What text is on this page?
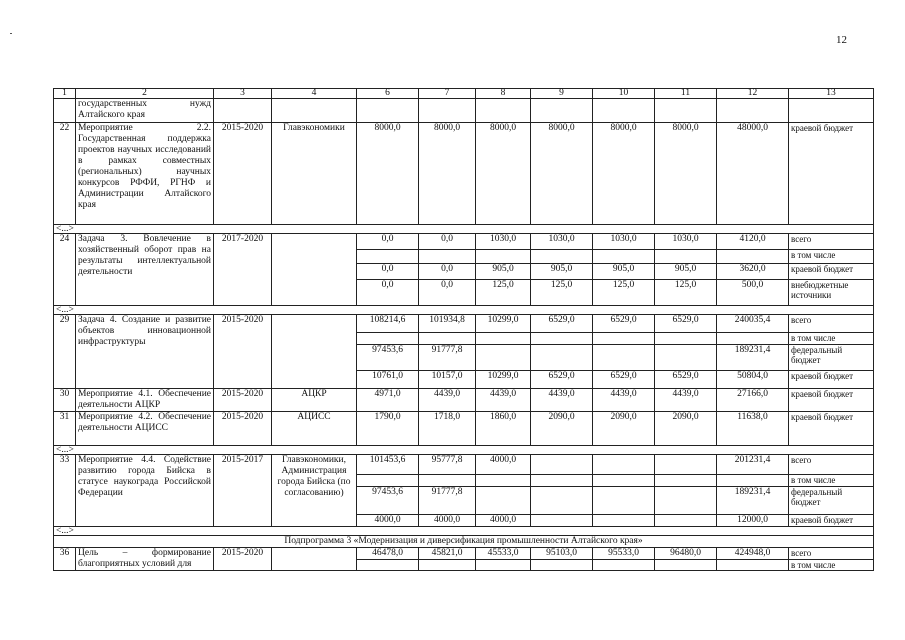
12
1	2	3	4	6	7	8	9	10	11	12	13
	государственных нужд Алтайского края										
22	Мероприятие 2.2. Государственная поддержка проектов научных исследований в рамках совместных (региональных) научных конкурсов РФФИ, РГНФ и Администрации Алтайского края	2015-2020	Главэкономики	8000,0	8000,0	8000,0	8000,0	8000,0	8000,0	48000,0	краевой бюджет
<...>											
24	Задача 3. Вовлечение в хозяйственный оборот прав на результаты интеллектуальной деятельности	2017-2020		0,0	0,0	1030,0	1030,0	1030,0	1030,0	4120,0	всего
											в том числе
				0,0	0,0	905,0	905,0	905,0	905,0	3620,0	краевой бюджет
				0,0	0,0	125,0	125,0	125,0	125,0	500,0	внебюджетные источники
<...>											
29	Задача 4. Создание и развитие объектов инновационной инфраструктуры	2015-2020		108214,6	101934,8	10299,0	6529,0	6529,0	6529,0	240035,4	всего
											в том числе
				97453,6	91777,8					189231,4	федеральный бюджет
				10761,0	10157,0	10299,0	6529,0	6529,0	6529,0	50804,0	краевой бюджет
30	Мероприятие 4.1. Обеспечение деятельности АЦКР	2015-2020	АЦКР	4971,0	4439,0	4439,0	4439,0	4439,0	4439,0	27166,0	краевой бюджет
31	Мероприятие 4.2. Обеспечение деятельности АЦИСС	2015-2020	АЦИСС	1790,0	1718,0	1860,0	2090,0	2090,0	2090,0	11638,0	краевой бюджет
<...>											
33	Мероприятие 4.4. Содействие развитию города Бийска в статусе наукограда Российской Федерации	2015-2017	Главэкономики, Администрация города Бийска (по согласованию)	101453,6	95777,8	4000,0				201231,4	всего
											в том числе
				97453,6	91777,8					189231,4	федеральный бюджет
				4000,0	4000,0	4000,0				12000,0	краевой бюджет
<...>											
Подпрограмма 3 «Модернизация и диверсификация промышленности Алтайского края»											
36	Цель – формирование благоприятных условий для	2015-2020		46478,0	45821,0	45533,0	95103,0	95533,0	96480,0	424948,0	всего
											в том числе
